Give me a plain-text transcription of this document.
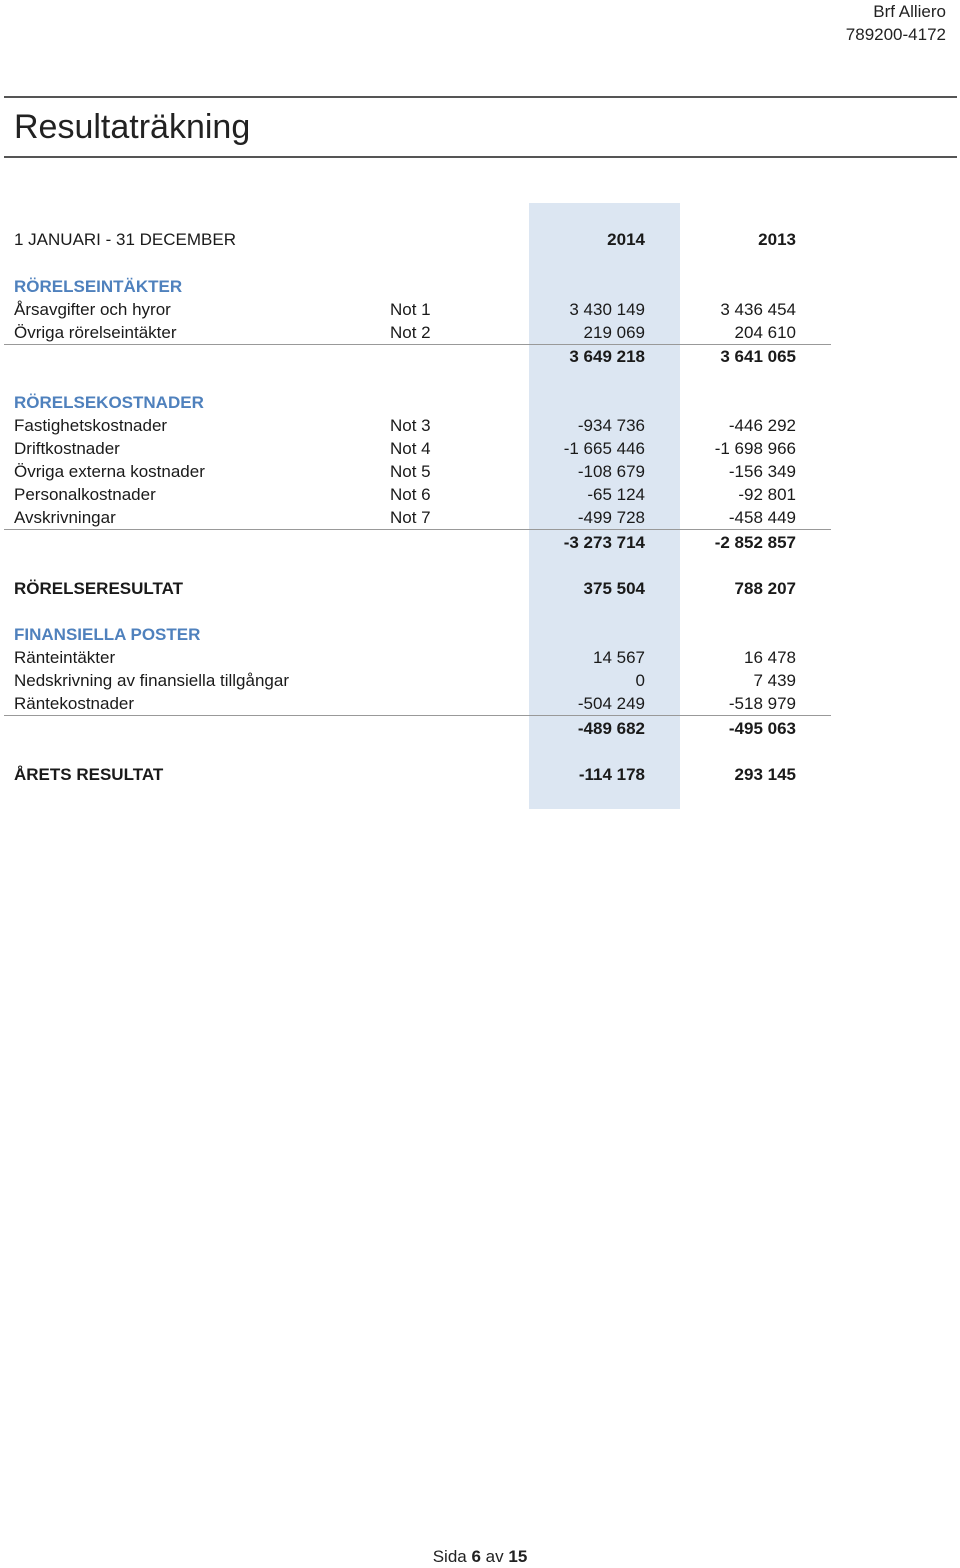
Brf Alliero
789200-4172
Resultaträkning
1 JANUARI - 31 DECEMBER	2014	2013
RÖRELSEINTÄKTER
Årsavgifter och hyror	Not 1	3 430 149	3 436 454
Övriga rörelseintäkter	Not 2	219 069	204 610
3 649 218	3 641 065
RÖRELSEKOSTNADER
Fastighetskostnader	Not 3	-934 736	-446 292
Driftkostnader	Not 4	-1 665 446	-1 698 966
Övriga externa kostnader	Not 5	-108 679	-156 349
Personalkostnader	Not 6	-65 124	-92 801
Avskrivningar	Not 7	-499 728	-458 449
-3 273 714	-2 852 857
RÖRELSERESULTAT	375 504	788 207
FINANSIELLA POSTER
Ränteintäkter	14 567	16 478
Nedskrivning av finansiella tillgångar	0	7 439
Räntekostnader	-504 249	-518 979
-489 682	-495 063
ÅRETS RESULTAT	-114 178	293 145
Sida 6 av 15
